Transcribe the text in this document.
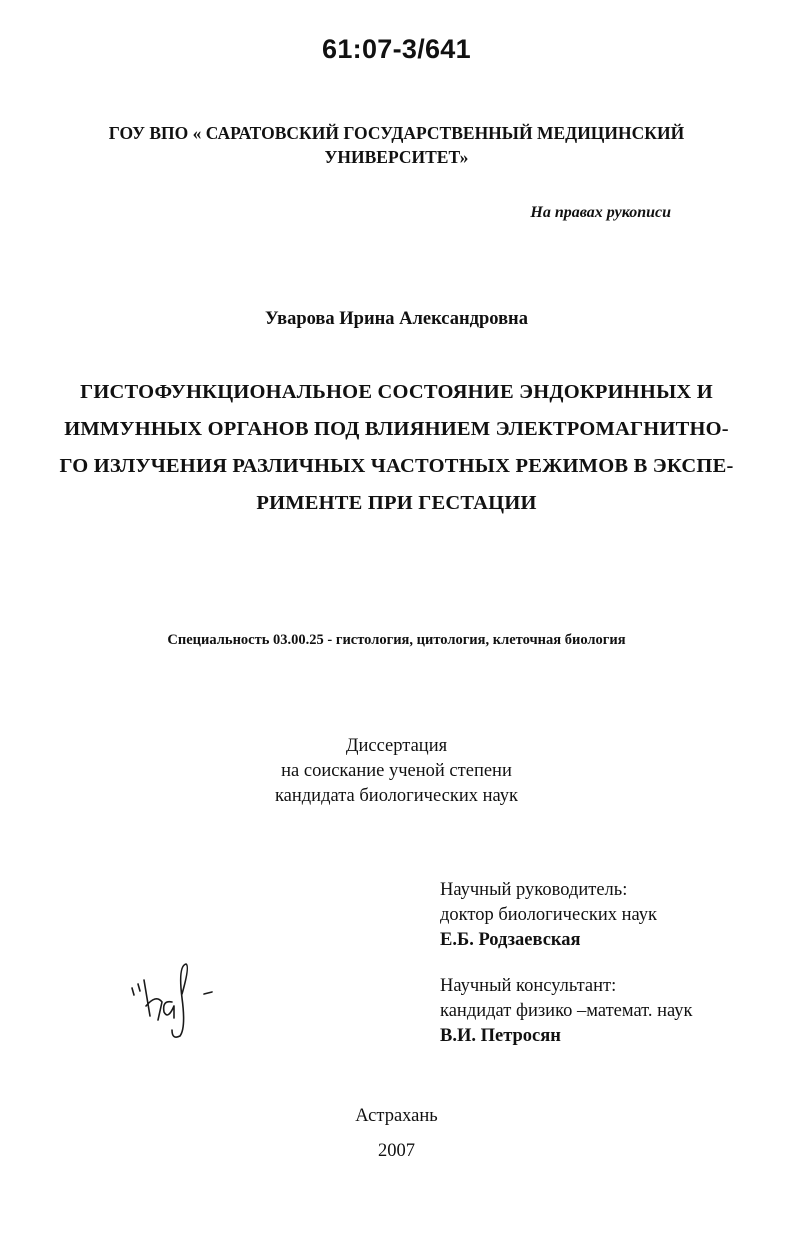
61:07-3/641
ГОУ ВПО « САРАТОВСКИЙ ГОСУДАРСТВЕННЫЙ МЕДИЦИНСКИЙ
УНИВЕРСИТЕТ»
На правах рукописи
Уварова Ирина Александровна
ГИСТОФУНКЦИОНАЛЬНОЕ СОСТОЯНИЕ ЭНДОКРИННЫХ И
ИММУННЫХ ОРГАНОВ ПОД ВЛИЯНИЕМ ЭЛЕКТРОМАГНИТНО-
ГО ИЗЛУЧЕНИЯ РАЗЛИЧНЫХ ЧАСТОТНЫХ РЕЖИМОВ В ЭКСПЕ-
РИМЕНТЕ ПРИ ГЕСТАЦИИ
Специальность 03.00.25 - гистология, цитология, клеточная биология
Диссертация
на соискание ученой степени
кандидата биологических наук
Научный руководитель:
доктор биологических наук
Е.Б. Родзаевская
Научный консультант:
кандидат физико –математ. наук
В.И. Петросян
Астрахань
2007
